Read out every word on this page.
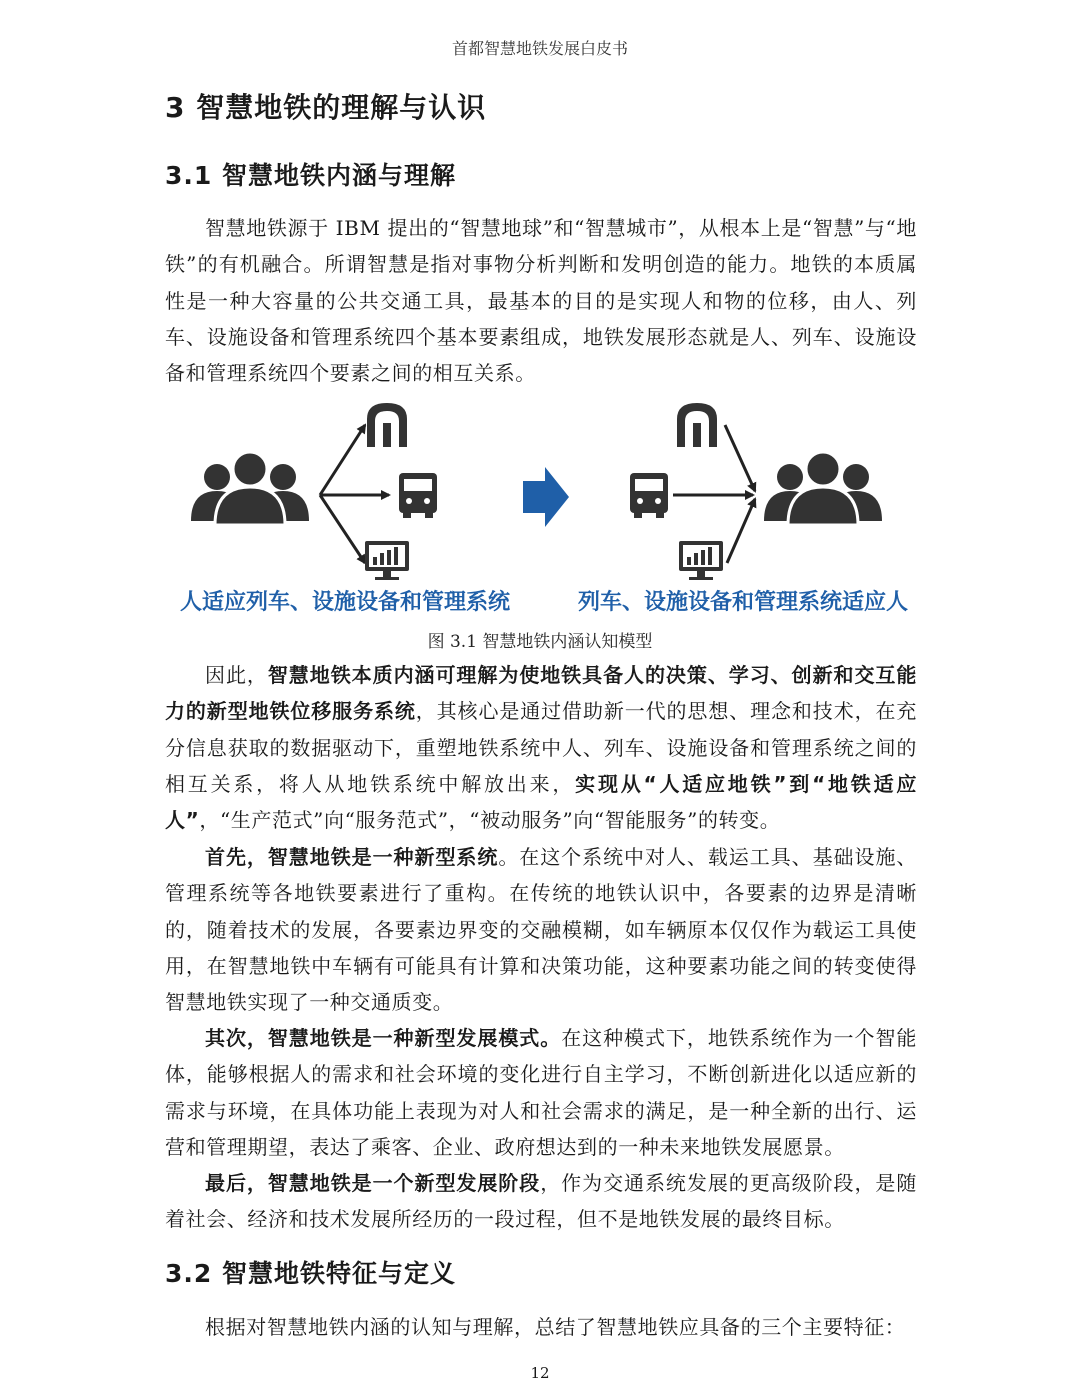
首都智慧地铁发展白皮书
3 智慧地铁的理解与认识
3.1 智慧地铁内涵与理解

智慧地铁源于 IBM 提出的“智慧地球”和“智慧城市”，从根本上是“智慧”与“地铁”的有机融合。所谓智慧是指对事物分析判断和发明创造的能力。地铁的本质属性是一种大容量的公共交通工具，最基本的目的是实现人和物的位移，由人、列车、设施设备和管理系统四个基本要素组成，地铁发展形态就是人、列车、设施设备和管理系统四个要素之间的相互关系。

人适应列车、设施设备和管理系统	列车、设施设备和管理系统适应人
图 3.1 智慧地铁内涵认知模型

因此，智慧地铁本质内涵可理解为使地铁具备人的决策、学习、创新和交互能力的新型地铁位移服务系统，其核心是通过借助新一代的思想、理念和技术，在充分信息获取的数据驱动下，重塑地铁系统中人、列车、设施设备和管理系统之间的相互关系，将人从地铁系统中解放出来，实现从“人适应地铁”到“地铁适应人”，“生产范式”向“服务范式”，“被动服务”向“智能服务”的转变。

首先，智慧地铁是一种新型系统。在这个系统中对人、载运工具、基础设施、管理系统等各地铁要素进行了重构。在传统的地铁认识中，各要素的边界是清晰的，随着技术的发展，各要素边界变的交融模糊，如车辆原本仅仅作为载运工具使用，在智慧地铁中车辆有可能具有计算和决策功能，这种要素功能之间的转变使得智慧地铁实现了一种交通质变。

其次，智慧地铁是一种新型发展模式。在这种模式下，地铁系统作为一个智能体，能够根据人的需求和社会环境的变化进行自主学习，不断创新进化以适应新的需求与环境，在具体功能上表现为对人和社会需求的满足，是一种全新的出行、运营和管理期望，表达了乘客、企业、政府想达到的一种未来地铁发展愿景。

最后，智慧地铁是一个新型发展阶段，作为交通系统发展的更高级阶段，是随着社会、经济和技术发展所经历的一段过程，但不是地铁发展的最终目标。

3.2 智慧地铁特征与定义

根据对智慧地铁内涵的认知与理解，总结了智慧地铁应具备的三个主要特征：

12
